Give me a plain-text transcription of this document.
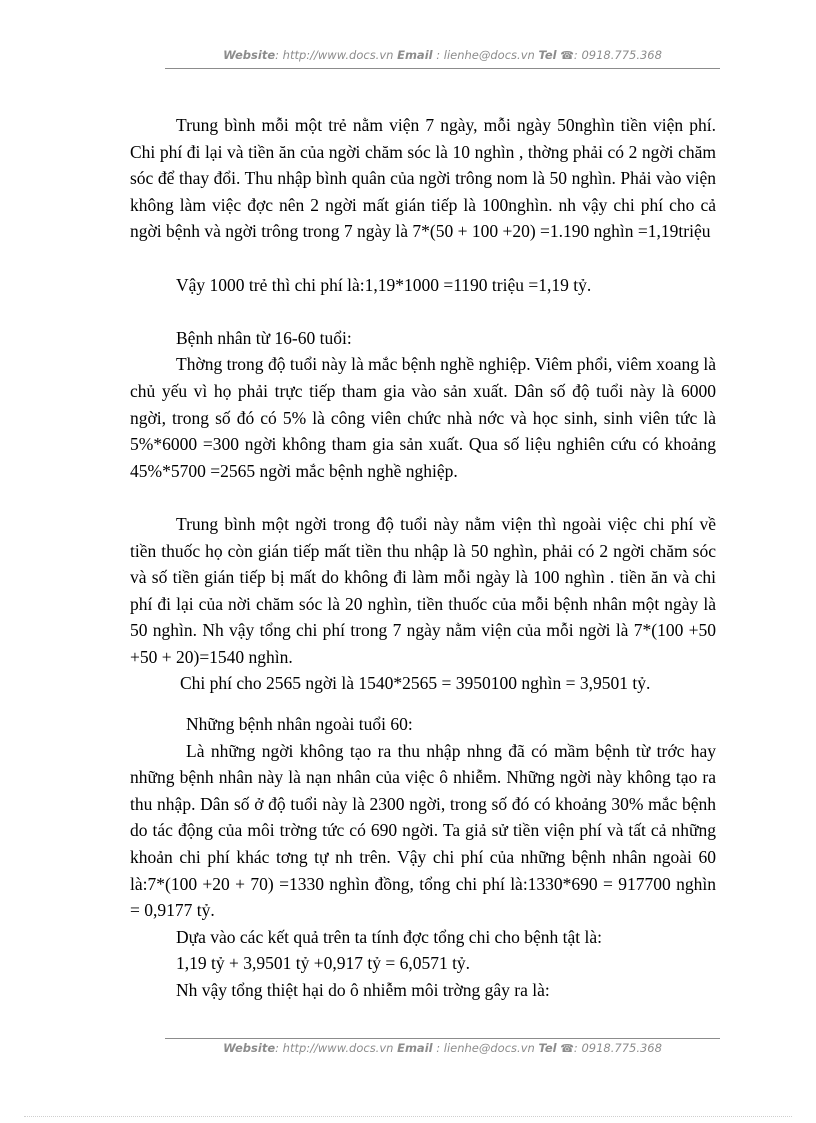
Website: http://www.docs.vn Email : lienhe@docs.vn Tel ☎: 0918.775.368

Trung bình mỗi một trẻ nằm viện 7 ngày, mỗi ngày 50nghìn tiền viện phí. Chi phí đi lại và tiền ăn của ngời chăm sóc là 10 nghìn , thờng phải có 2 ngời chăm sóc để thay đổi. Thu nhập bình quân của ngời trông nom là 50 nghìn. Phải vào viện không làm việc đợc nên 2 ngời mất gián tiếp là 100nghìn. nh vậy chi phí cho cả ngời bệnh và ngời trông trong 7 ngày là 7*(50 + 100 +20) =1.190 nghìn =1,19triệu

Vậy 1000 trẻ thì chi phí là:1,19*1000 =1190 triệu =1,19 tỷ.

Bệnh nhân từ 16-60 tuổi:

Thờng trong độ tuổi này là mắc bệnh nghề nghiệp. Viêm phổi, viêm xoang là chủ yếu vì họ phải trực tiếp tham gia vào sản xuất. Dân số độ tuổi này là 6000 ngời, trong số đó có 5% là công viên chức nhà nớc và học sinh, sinh viên tức là 5%*6000 =300 ngời không tham gia sản xuất. Qua số liệu nghiên cứu có khoảng 45%*5700 =2565 ngời mắc bệnh nghề nghiệp.

Trung bình một ngời trong độ tuổi này nằm viện thì ngoài việc chi phí về tiền thuốc họ còn gián tiếp mất tiền thu nhập là 50 nghìn, phải có 2 ngời chăm sóc và số tiền gián tiếp bị mất do không đi làm mỗi ngày là 100 nghìn . tiền ăn và chi phí đi lại của nời chăm sóc là 20 nghìn, tiền thuốc của mỗi bệnh nhân một ngày là 50 nghìn. Nh vậy tổng chi phí trong 7 ngày nằm viện của mỗi ngời là 7*(100 +50 +50 + 20)=1540 nghìn.

Chi phí cho 2565 ngời là 1540*2565 = 3950100 nghìn = 3,9501 tỷ.

Những bệnh nhân ngoài tuổi 60:

Là những ngời không tạo ra thu nhập nhng đã có mầm bệnh từ trớc hay những bệnh nhân này là nạn nhân của việc ô nhiễm. Những ngời này không tạo ra thu nhập. Dân số ở độ tuổi này là 2300 ngời, trong số đó có khoảng 30% mắc bệnh do tác động của môi trờng tức có 690 ngời. Ta giả sử tiền viện phí và tất cả những khoản chi phí khác tơng tự nh trên. Vậy chi phí của những bệnh nhân ngoài 60 là:7*(100 +20 + 70) =1330 nghìn đồng, tổng chi phí là:1330*690 = 917700 nghìn = 0,9177 tỷ.

Dựa vào các kết quả trên ta tính đợc tổng chi cho bệnh tật là:

1,19 tỷ + 3,9501 tỷ +0,917 tỷ = 6,0571 tỷ.

Nh vậy tổng thiệt hại do ô nhiễm môi trờng gây ra là:

Website: http://www.docs.vn Email : lienhe@docs.vn Tel ☎: 0918.775.368
